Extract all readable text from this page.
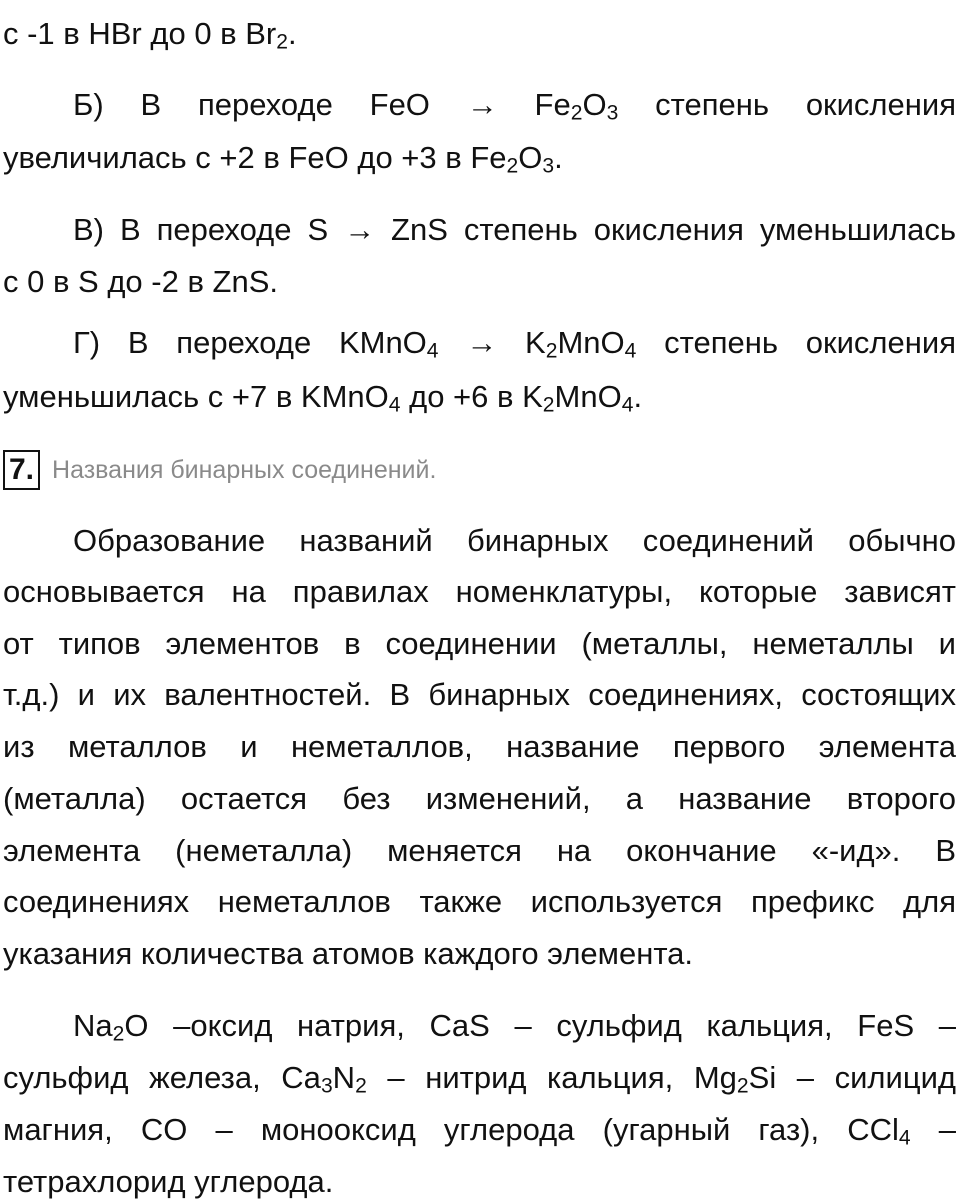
с -1 в HBr до 0 в $Br_2$.
Б) В переходе FeO → $Fe_2O_3$ степень окисления
увеличилась с +2 в FeO до +3 в $Fe_2O_3$.
В) В переходе S → ZnS степень окисления уменьшилась
с 0 в S до -2 в ZnS.
Г) В переходе KMnO$_4$ → $K_2MnO_4$ степень окисления
уменьшилась с +7 в KMnO$_4$ до +6 в $K_2MnO_4$.
7. Названия бинарных соединений.
Образование названий бинарных соединений обычно
основывается на правилах номенклатуры, которые зависят
от типов элементов в соединении (металлы, неметаллы и
т.д.) и их валентностей. В бинарных соединениях, состоящих
из металлов и неметаллов, название первого элемента
(металла) остается без изменений, а название второго
элемента (неметалла) меняется на окончание «-ид». В
соединениях неметаллов также используется префикс для
указания количества атомов каждого элемента.
$Na_2O$ –оксид натрия, CaS – сульфид кальция, FeS –
сульфид железа, $Ca_3N_2$ – нитрид кальция, $Mg_2Si$ – силицид
магния, CO – монооксид углерода (угарный газ), CCl$_4$ –
тетрахлорид углерода.
